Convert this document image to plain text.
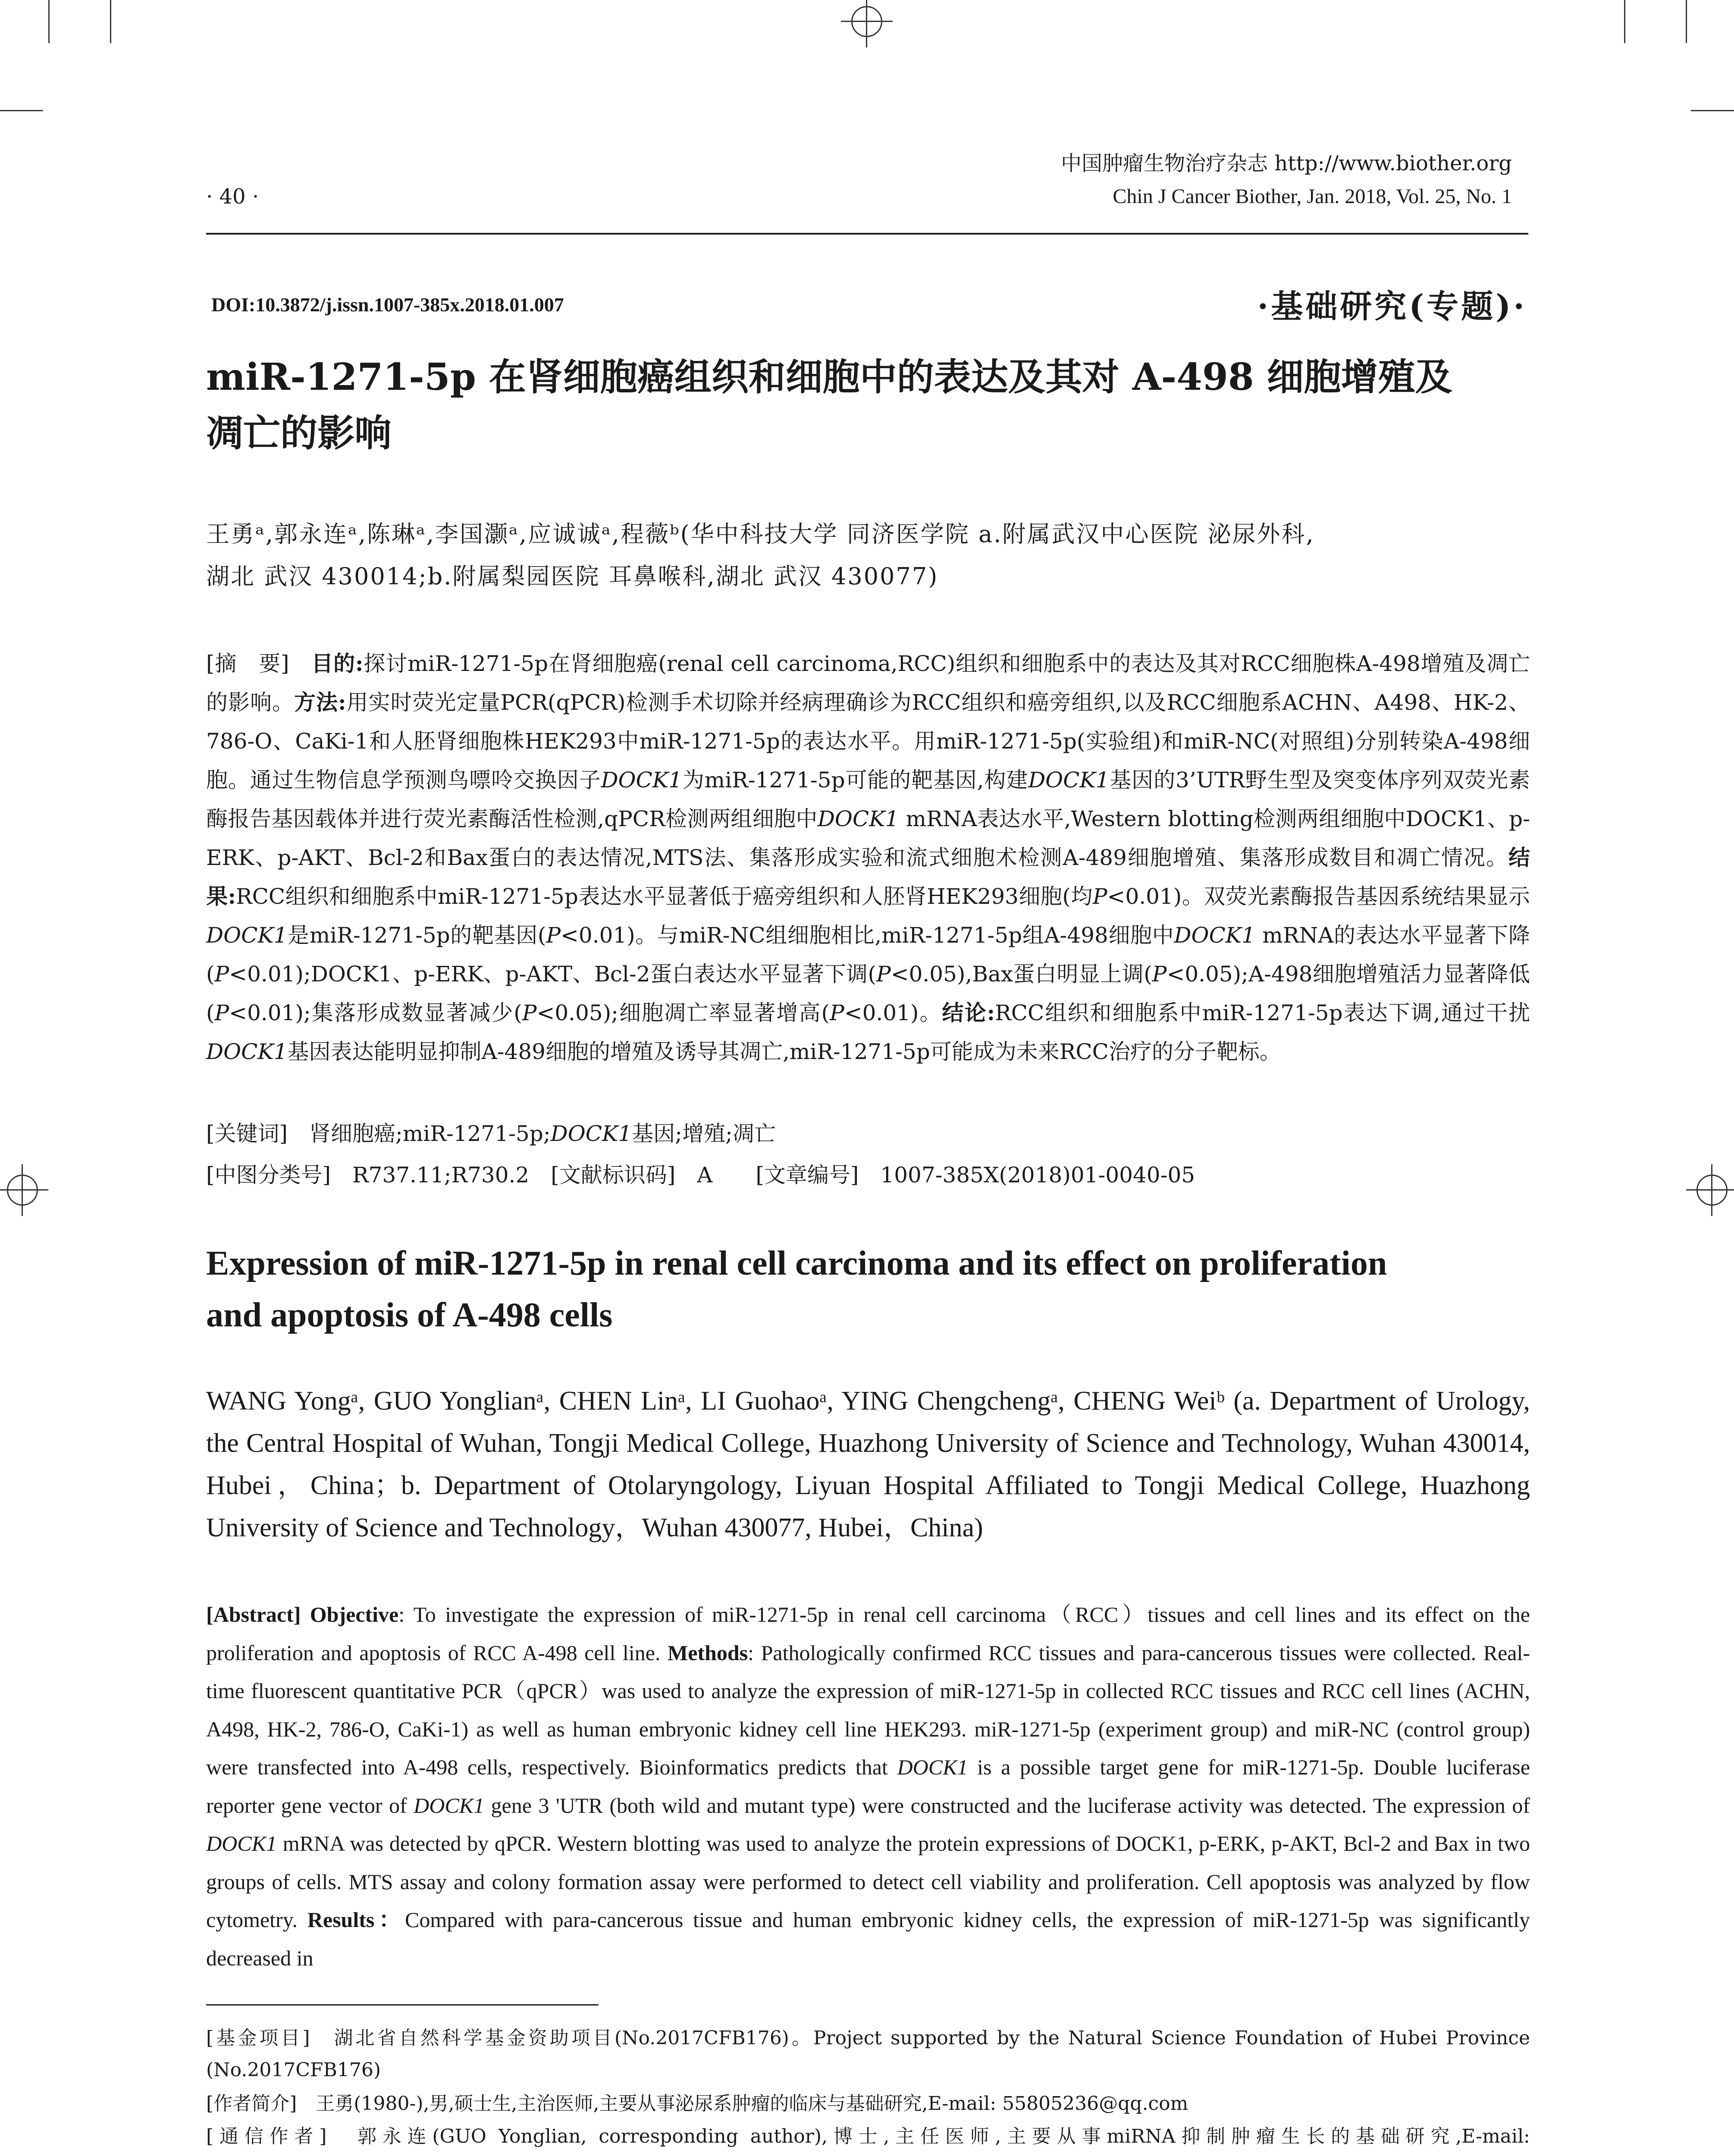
中国肿瘤生物治疗杂志 http://www.biother.org
· 40 ·	Chin J Cancer Biother, Jan. 2018, Vol. 25, No. 1
DOI:10.3872/j.issn.1007-385x.2018.01.007	·基础研究(专题)·
miR-1271-5p 在肾细胞癌组织和细胞中的表达及其对 A-498 细胞增殖及
凋亡的影响
王勇ᵃ,郭永连ᵃ,陈琳ᵃ,李国灏ᵃ,应诚诚ᵃ,程薇ᵇ(华中科技大学 同济医学院 a.附属武汉中心医院 泌尿外科,
湖北 武汉 430014;b.附属梨园医院 耳鼻喉科,湖北 武汉 430077)
[摘　要]　 目的:探讨miR-1271-5p在肾细胞癌(renal cell carcinoma,RCC)组织和细胞系中的表达及其对RCC细胞株A-498增殖及凋亡的影响。方法:用实时荧光定量PCR(qPCR)检测手术切除并经病理确诊为RCC组织和癌旁组织,以及RCC细胞系ACHN、A498、HK-2、786-O、CaKi-1和人胚肾细胞株HEK293中miR-1271-5p的表达水平。用miR-1271-5p(实验组)和miR-NC(对照组)分别转染A-498细胞。通过生物信息学预测鸟嘌呤交换因子DOCK1为miR-1271-5p可能的靶基因,构建DOCK1基因的3’UTR野生型及突变体序列双荧光素酶报告基因载体并进行荧光素酶活性检测,qPCR检测两组细胞中DOCK1 mRNA表达水平,Western blotting检测两组细胞中DOCK1、p-ERK、p-AKT、Bcl-2和Bax蛋白的表达情况,MTS法、集落形成实验和流式细胞术检测A-489细胞增殖、集落形成数目和凋亡情况。结果:RCC组织和细胞系中miR-1271-5p表达水平显著低于癌旁组织和人胚肾HEK293细胞(均P<0.01)。双荧光素酶报告基因系统结果显示DOCK1是miR-1271-5p的靶基因(P<0.01)。与miR-NC组细胞相比,miR-1271-5p组A-498细胞中DOCK1 mRNA的表达水平显著下降(P<0.01);DOCK1、p-ERK、p-AKT、Bcl-2蛋白表达水平显著下调(P<0.05),Bax蛋白明显上调(P<0.05);A-498细胞增殖活力显著降低(P<0.01);集落形成数显著减少(P<0.05);细胞凋亡率显著增高(P<0.01)。结论:RCC组织和细胞系中miR-1271-5p表达下调,通过干扰DOCK1基因表达能明显抑制A-489细胞的增殖及诱导其凋亡,miR-1271-5p可能成为未来RCC治疗的分子靶标。
[关键词]　 肾细胞癌;miR-1271-5p;DOCK1基因;增殖;凋亡
[中图分类号]　 R737.11;R730.2　 [文献标识码]　 A　　 [文章编号]　 1007-385X(2018)01-0040-05
Expression of miR-1271-5p in renal cell carcinoma and its effect on proliferation
and apoptosis of A-498 cells
WANG Yongᵃ, GUO Yonglianᵃ, CHEN Linᵃ, LI Guohaoᵃ, YING Chengchengᵃ, CHENG Weiᵇ (a. Department of Urology, the Central Hospital of Wuhan, Tongji Medical College, Huazhong University of Science and Technology, Wuhan 430014, Hubei，China；b. Department of Otolaryngology, Liyuan Hospital Affiliated to Tongji Medical College, Huazhong University of Science and Technology，Wuhan 430077, Hubei，China)
[Abstract] Objective: To investigate the expression of miR-1271-5p in renal cell carcinoma（RCC）tissues and cell lines and its effect on the proliferation and apoptosis of RCC A-498 cell line. Methods: Pathologically confirmed RCC tissues and para-cancerous tissues were collected. Real-time fluorescent quantitative PCR（qPCR）was used to analyze the expression of miR-1271-5p in collected RCC tissues and RCC cell lines (ACHN, A498, HK-2, 786-O, CaKi-1) as well as human embryonic kidney cell line HEK293. miR-1271-5p (experiment group) and miR-NC (control group) were transfected into A-498 cells, respectively. Bioinformatics predicts that DOCK1 is a possible target gene for miR-1271-5p. Double luciferase reporter gene vector of DOCK1 gene 3 'UTR (both wild and mutant type) were constructed and the luciferase activity was detected. The expression of DOCK1 mRNA was detected by qPCR. Western blotting was used to analyze the protein expressions of DOCK1, p-ERK, p-AKT, Bcl-2 and Bax in two groups of cells. MTS assay and colony formation assay were performed to detect cell viability and proliferation. Cell apoptosis was analyzed by flow cytometry. Results：Compared with para-cancerous tissue and human embryonic kidney cells, the expression of miR-1271-5p was significantly decreased in
[基金项目]　 湖北省自然科学基金资助项目(No.2017CFB176)。Project supported by the Natural Science Foundation of Hubei Province (No.2017CFB176)
[作者简介]　 王勇(1980-),男,硕士生,主治医师,主要从事泌尿系肿瘤的临床与基础研究,E-mail: 55805236@qq.com
[通信作者]　 郭永连(GUO Yonglian, corresponding author),博士,主任医师,主要从事miRNA抑制肿瘤生长的基础研究,E-mail:
